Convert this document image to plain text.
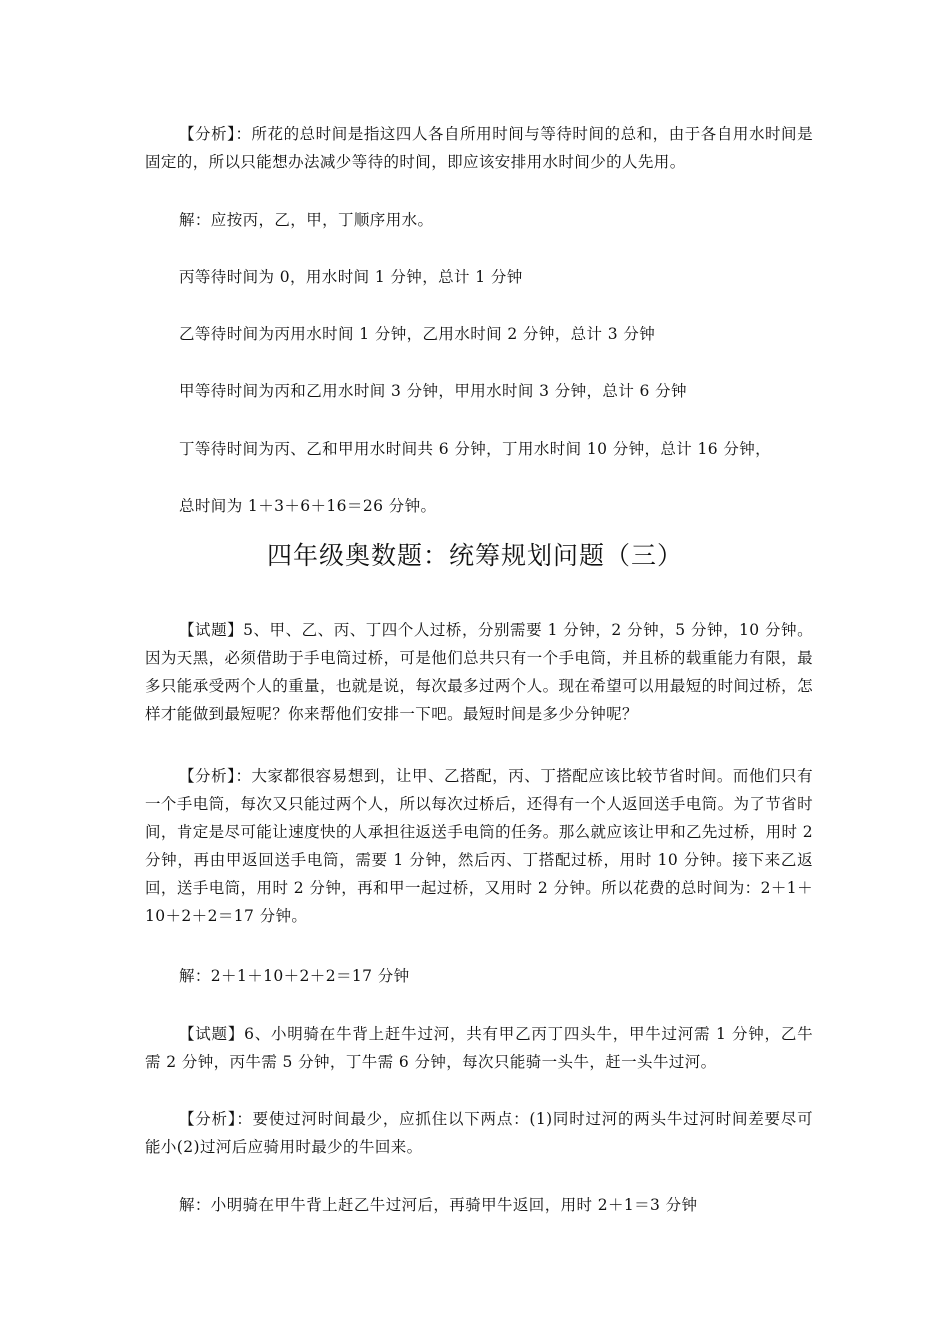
【分析】：所花的总时间是指这四人各自所用时间与等待时间的总和，由于各自用水时间是固定的，所以只能想办法减少等待的时间，即应该安排用水时间少的人先用。

解：应按丙，乙，甲，丁顺序用水。

丙等待时间为 0，用水时间 1 分钟，总计 1 分钟

乙等待时间为丙用水时间 1 分钟，乙用水时间 2 分钟，总计 3 分钟

甲等待时间为丙和乙用水时间 3 分钟，甲用水时间 3 分钟，总计 6 分钟

丁等待时间为丙、乙和甲用水时间共 6 分钟，丁用水时间 10 分钟，总计 16 分钟，

总时间为 1＋3＋6＋16＝26 分钟。

四年级奥数题：统筹规划问题（三）

【试题】5、甲、乙、丙、丁四个人过桥，分别需要 1 分钟，2 分钟，5 分钟，10 分钟。因为天黑，必须借助于手电筒过桥，可是他们总共只有一个手电筒，并且桥的载重能力有限，最多只能承受两个人的重量，也就是说，每次最多过两个人。现在希望可以用最短的时间过桥，怎样才能做到最短呢？你来帮他们安排一下吧。最短时间是多少分钟呢？

【分析】：大家都很容易想到，让甲、乙搭配，丙、丁搭配应该比较节省时间。而他们只有一个手电筒，每次又只能过两个人，所以每次过桥后，还得有一个人返回送手电筒。为了节省时间，肯定是尽可能让速度快的人承担往返送手电筒的任务。那么就应该让甲和乙先过桥，用时 2 分钟，再由甲返回送手电筒，需要 1 分钟，然后丙、丁搭配过桥，用时 10 分钟。接下来乙返回，送手电筒，用时 2 分钟，再和甲一起过桥，又用时 2 分钟。所以花费的总时间为：2＋1＋10＋2＋2＝17 分钟。

解：2＋1＋10＋2＋2＝17 分钟

【试题】6、小明骑在牛背上赶牛过河，共有甲乙丙丁四头牛，甲牛过河需 1 分钟，乙牛需 2 分钟，丙牛需 5 分钟，丁牛需 6 分钟，每次只能骑一头牛，赶一头牛过河。

【分析】：要使过河时间最少，应抓住以下两点：(1)同时过河的两头牛过河时间差要尽可能小(2)过河后应骑用时最少的牛回来。

解：小明骑在甲牛背上赶乙牛过河后，再骑甲牛返回，用时 2＋1＝3 分钟
